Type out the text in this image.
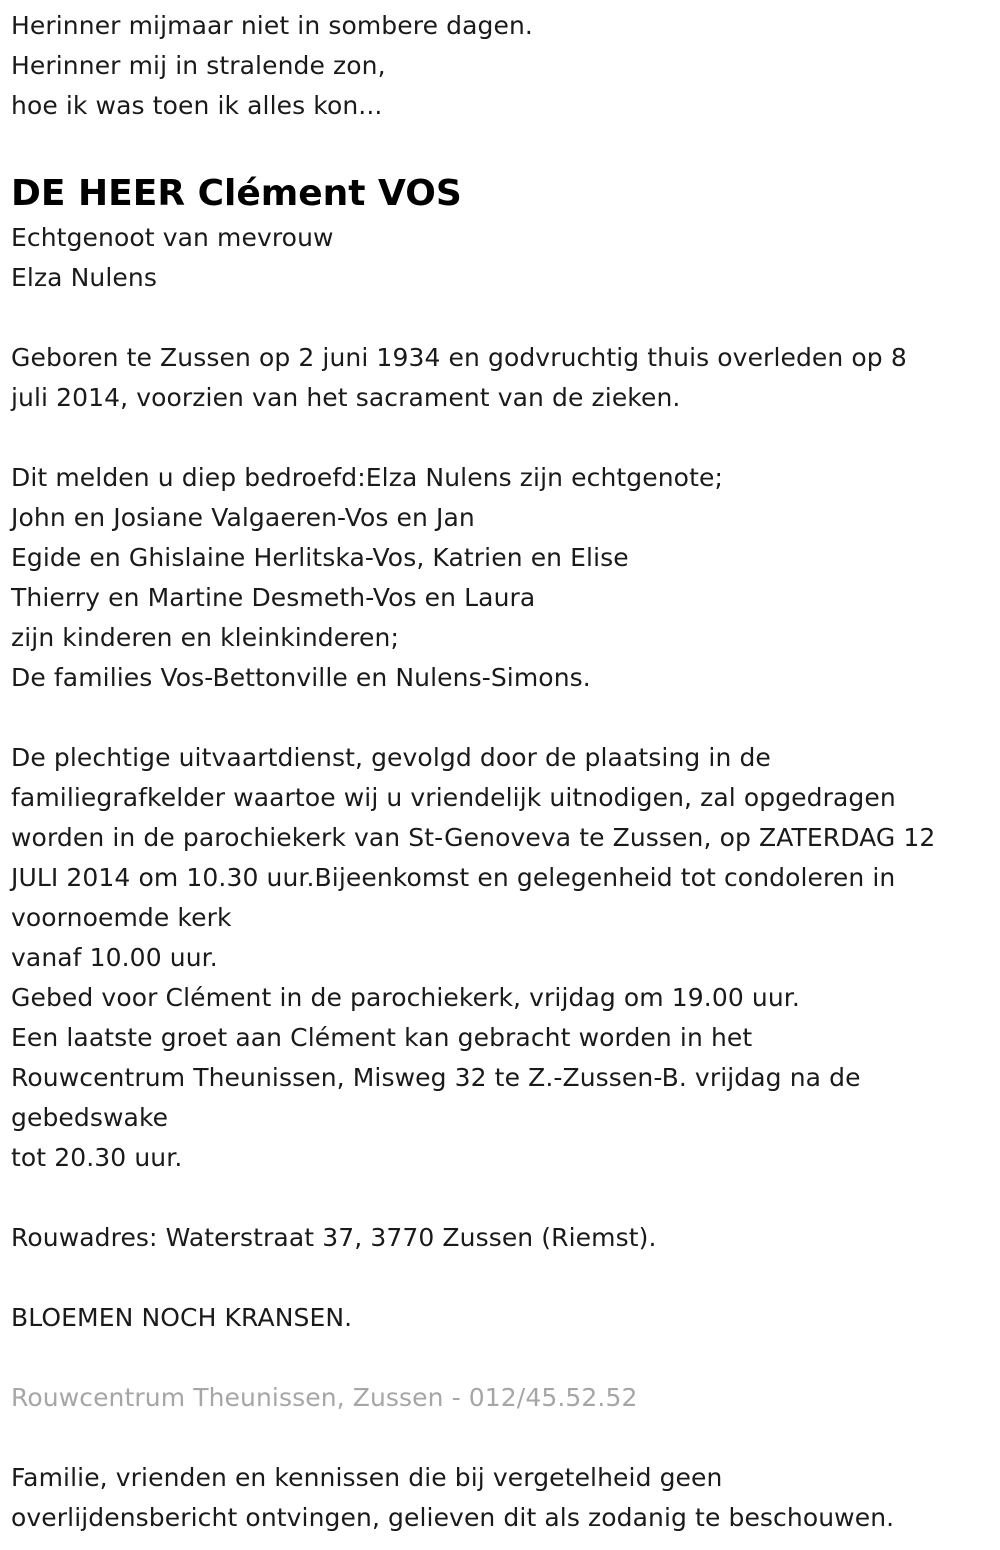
Herinner mijmaar niet in sombere dagen.
Herinner mij in stralende zon,
hoe ik was toen ik alles kon...
DE HEER Clément VOS
Echtgenoot van mevrouw
Elza Nulens
Geboren te Zussen op 2 juni 1934 en godvruchtig thuis overleden op 8
juli 2014, voorzien van het sacrament van de zieken.
Dit melden u diep bedroefd:Elza Nulens zijn echtgenote;
John en Josiane Valgaeren-Vos en Jan
Egide en Ghislaine Herlitska-Vos, Katrien en Elise
Thierry en Martine Desmeth-Vos en Laura
zijn kinderen en kleinkinderen;
De families Vos-Bettonville en Nulens-Simons.
De plechtige uitvaartdienst, gevolgd door de plaatsing in de
familiegrafkelder waartoe wij u vriendelijk uitnodigen, zal opgedragen
worden in de parochiekerk van St-Genoveva te Zussen, op ZATERDAG 12
JULI 2014 om 10.30 uur.Bijeenkomst en gelegenheid tot condoleren in
voornoemde kerk
vanaf 10.00 uur.
Gebed voor Clément in de parochiekerk, vrijdag om 19.00 uur.
Een laatste groet aan Clément kan gebracht worden in het
Rouwcentrum Theunissen, Misweg 32 te Z.-Zussen-B. vrijdag na de
gebedswake
tot 20.30 uur.
Rouwadres: Waterstraat 37, 3770 Zussen (Riemst).
BLOEMEN NOCH KRANSEN.
Rouwcentrum Theunissen, Zussen - 012/45.52.52
Familie, vrienden en kennissen die bij vergetelheid geen
overlijdensbericht ontvingen, gelieven dit als zodanig te beschouwen.
